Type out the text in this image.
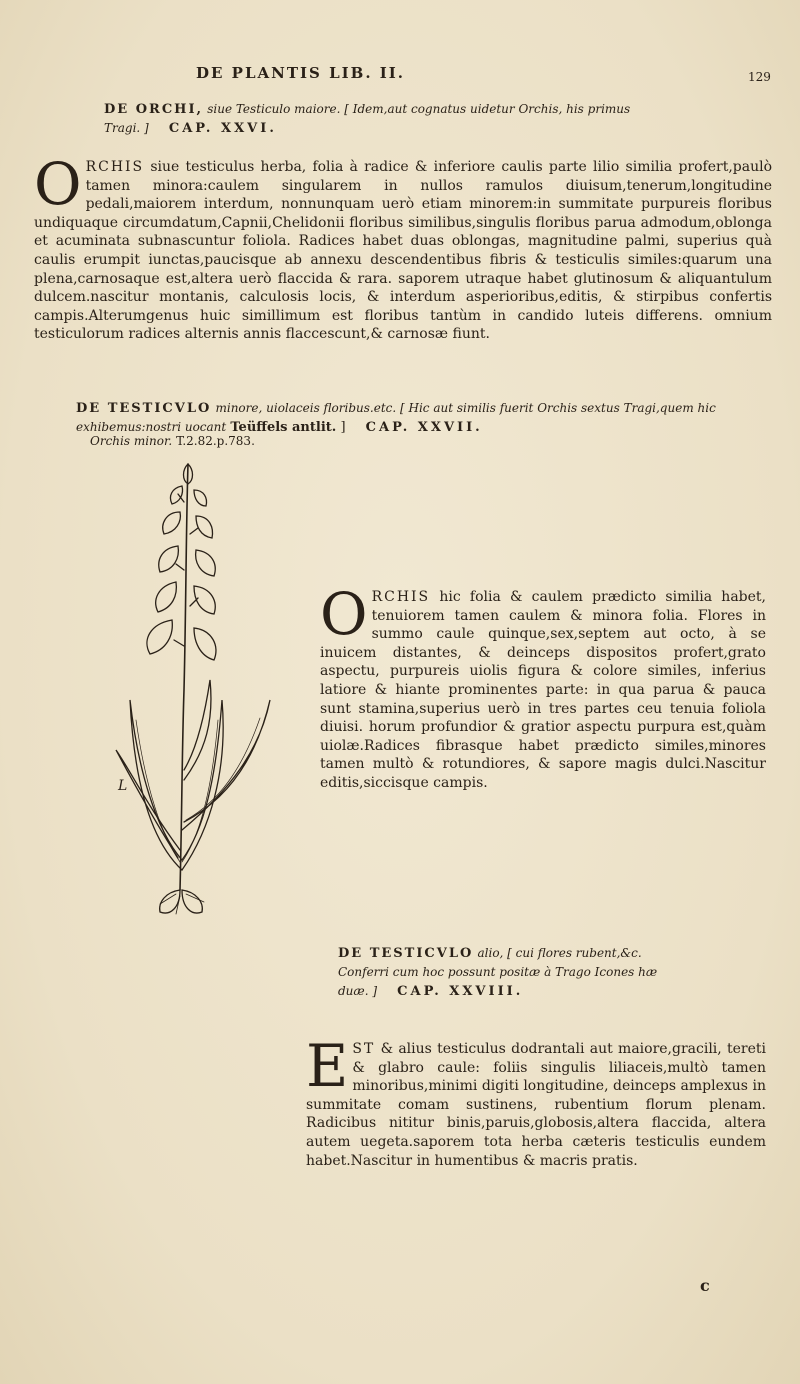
DE PLANTIS LIB. II.	129
DE ORCHI, siue Testiculo maiore. [ Idem,aut cognatus uidetur Orchis, his primus Tragi. ] CAP. XXVI.

O RCHIS siue testiculus herba, folia à radice & inferiore caulis parte lilio similia profert,paulò tamen minora:caulem singularem in nullos ramulos diuisum,tenerum,longitudine pedali,maiorem interdum, nonnunquam uerò etiam minorem:in summitate purpureis floribus undiquaque circumdatum,Capnii,Chelidonii floribus similibus,singulis floribus parua admodum,oblonga et acuminata subnascuntur foliola. Radices habet duas oblongas, magnitudine palmi, superius quà caulis erumpit iunctas,paucisque ab annexu descendentibus fibris & testiculis similes:quarum una plena,carnosaque est,altera uerò flaccida & rara. saporem utraque habet glutinosum & aliquantulum dulcem.nascitur montanis, calculosis locis, & interdum asperioribus,editis, & stirpibus confertis campis.Alterumgenus huic simillimum est floribus tantùm in candido luteis differens. omnium testiculorum radices alternis annis flaccescunt,& carnosæ fiunt.

DE TESTICVLO minore, uiolaceis floribus.etc. [ Hic aut similis fuerit Orchis sextus Tragi,quem hic exhibemus:nostri uocant Teüffels antlit. ] CAP. XXVII.
Orchis minor. T.2.82.p.783.
L

O RCHIS hic folia & caulem prædicto similia habet, tenuiorem tamen caulem & minora folia. Flores in summo caule quinque,sex,septem aut octo, à se inuicem distantes, & deinceps dispositos profert,grato aspectu, purpureis uiolis figura & colore similes, inferius latiore & hiante prominentes parte: in qua parua & pauca sunt stamina,superius uerò in tres partes ceu tenuia foliola diuisi. horum profundior & gratior aspectu purpura est,quàm uiolæ.Radices fibrasque habet prædicto similes,minores tamen multò & rotundiores, & sapore magis dulci.Nascitur editis,siccisque campis.

DE TESTICVLO alio, [ cui flores rubent,&c. Conferri cum hoc possunt positæ à Trago Icones hæ duæ. ] CAP. XXVIII.

E ST & alius testiculus dodrantali aut maiore,gracili, tereti & glabro caule: foliis singulis liliaceis,multò tamen minoribus,minimi digiti longitudine, deinceps amplexus in summitate comam sustinens, rubentium florum plenam. Radicibus nititur binis,paruis,globosis,altera flaccida, altera autem uegeta.saporem tota herba cæteris testiculis eundem habet.Nascitur in humentibus & macris pratis.

c
